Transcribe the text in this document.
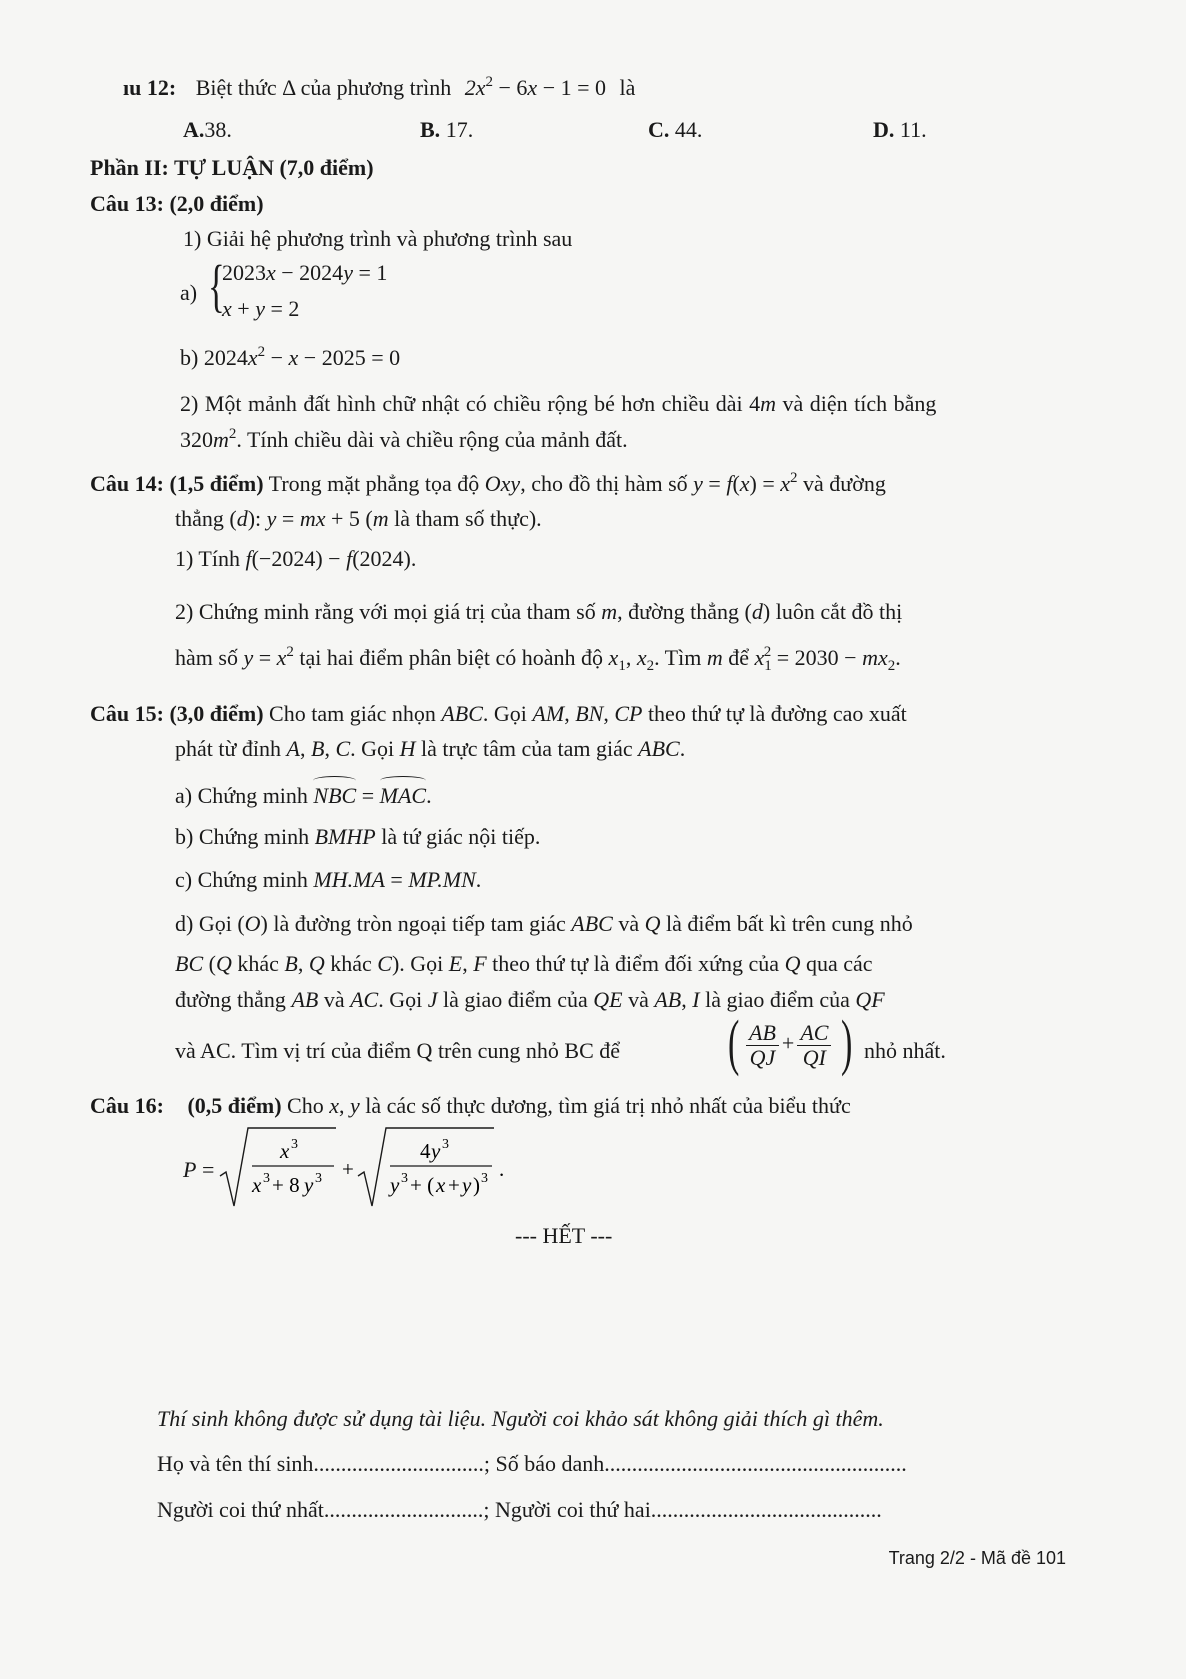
ıu 12: Biệt thức Δ của phương trình $2x^2 - 6x - 1 = 0$ là
A.38.	B. 17.	C. 44.	D. 11.
Phần II: TỰ LUẬN (7,0 điểm)
Câu 13: (2,0 điểm)
1) Giải hệ phương trình và phương trình sau
a) {
2023x − 2024y = 1
x + y = 2
b) $2024x^2 - x - 2025 = 0$
2) Một mảnh đất hình chữ nhật có chiều rộng bé hơn chiều dài 4m và diện tích bằng
$320m^2$. Tính chiều dài và chiều rộng của mảnh đất.
Câu 14: (1,5 điểm) Trong mặt phẳng tọa độ Oxy, cho đồ thị hàm số $y = f(x) = x^2$ và đường
thẳng (d): y = mx + 5 (m là tham số thực).
1) Tính f(−2024) − f(2024).
2) Chứng minh rằng với mọi giá trị của tham số m, đường thẳng (d) luôn cắt đồ thị
hàm số $y = x^2$ tại hai điểm phân biệt có hoành độ $x_1$, $x_2$. Tìm m để $x_1^2 = 2030 - mx_2$.
Câu 15: (3,0 điểm) Cho tam giác nhọn ABC. Gọi AM, BN, CP theo thứ tự là đường cao xuất
phát từ đỉnh A, B, C. Gọi H là trực tâm của tam giác ABC.
a) Chứng minh NBC = MAC.
b) Chứng minh BMHP là tứ giác nội tiếp.
c) Chứng minh MH.MA = MP.MN.
d) Gọi (O) là đường tròn ngoại tiếp tam giác ABC và Q là điểm bất kì trên cung nhỏ
BC (Q khác B, Q khác C). Gọi E, F theo thứ tự là điểm đối xứng của Q qua các
đường thẳng AB và AC. Gọi J là giao điểm của QE và AB, I là giao điểm của QF
và AC. Tìm vị trí của điểm Q trên cung nhỏ BC để ( $\frac{AB}{QJ} + \frac{AC}{QI}$ ) nhỏ nhất.
Câu 16: (0,5 điểm) Cho x, y là các số thực dương, tìm giá trị nhỏ nhất của biểu thức
P =
x 3
x 3 + 8 y 3 +
4 y 3
y 3 + ( x + y ) 3 .
--- HẾT ---
Thí sinh không được sử dụng tài liệu. Người coi khảo sát không giải thích gì thêm.
Họ và tên thí sinh...............................; Số báo danh.......................................................
Người coi thứ nhất.............................; Người coi thứ hai..........................................
Trang 2/2 - Mã đề 101
